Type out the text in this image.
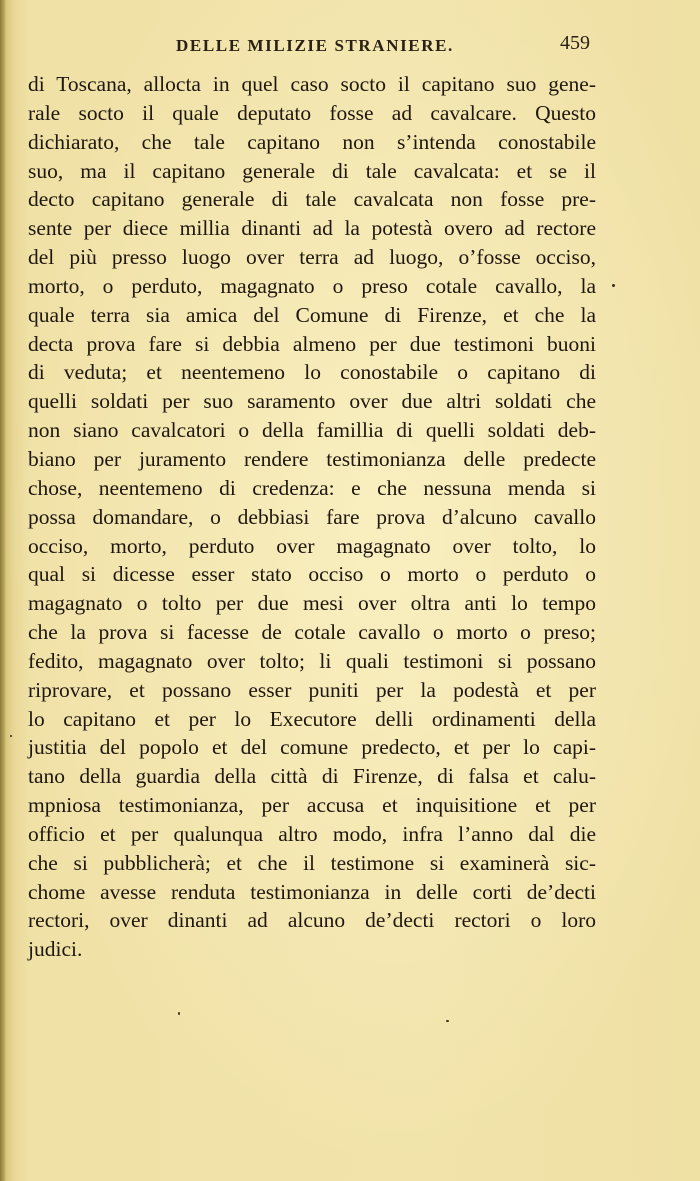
DELLE MILIZIE STRANIERE.	459
di Toscana, allocta in quel caso socto il capitano suo gene-
rale socto il quale deputato fosse ad cavalcare. Questo
dichiarato, che tale capitano non s’intenda conostabile
suo, ma il capitano generale di tale cavalcata: et se il
decto capitano generale di tale cavalcata non fosse pre-
sente per diece millia dinanti ad la potestà overo ad rectore
del più presso luogo over terra ad luogo, o’fosse occiso,
morto, o perduto, magagnato o preso cotale cavallo, la
quale terra sia amica del Comune di Firenze, et che la
decta prova fare si debbia almeno per due testimoni buoni
di veduta; et neentemeno lo conostabile o capitano di
quelli soldati per suo saramento over due altri soldati che
non siano cavalcatori o della famillia di quelli soldati deb-
biano per juramento rendere testimonianza delle predecte
chose, neentemeno di credenza: e che nessuna menda si
possa domandare, o debbiasi fare prova d’alcuno cavallo
occiso, morto, perduto over magagnato over tolto, lo
qual si dicesse esser stato occiso o morto o perduto o
magagnato o tolto per due mesi over oltra anti lo tempo
che la prova si facesse de cotale cavallo o morto o preso;
fedito, magagnato over tolto; li quali testimoni si possano
riprovare, et possano esser puniti per la podestà et per
lo capitano et per lo Executore delli ordinamenti della
justitia del popolo et del comune predecto, et per lo capi-
tano della guardia della città di Firenze, di falsa et calu-
mpniosa testimonianza, per accusa et inquisitione et per
officio et per qualunqua altro modo, infra l’anno dal die
che si pubblicherà; et che il testimone si examinerà sic-
chome avesse renduta testimonianza in delle corti de’decti
rectori, over dinanti ad alcuno de’decti rectori o loro
judici.
